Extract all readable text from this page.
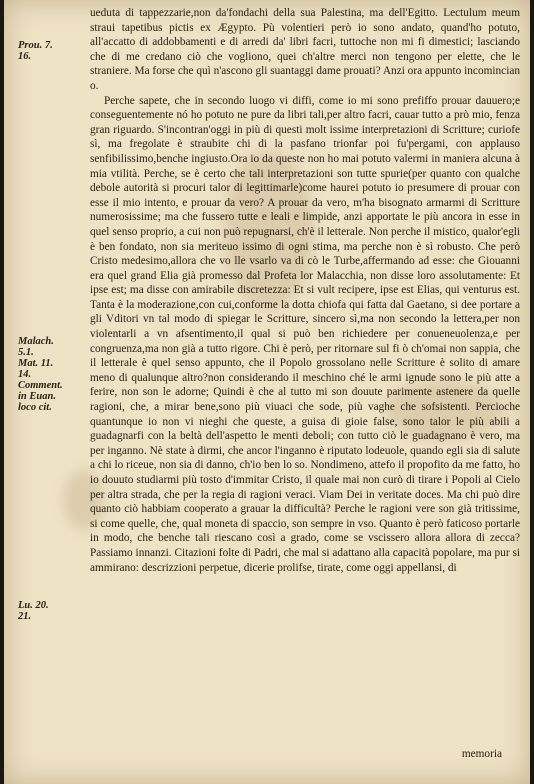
Prou. 7.
16.
Malach.
5.1.
Mat. 11.
14.
Comment.
in Euan.
loco cit.
Lu. 20.
21.

ueduta di tappezzarie,non da'fondachi della sua Palestina, ma dell'Egitto. Lectulum meum straui tapetibus pictis ex Ægypto. Pù volentieri però io sono andato, quand'ho potuto, all'accatto di addobbamenti e di arredi da' libri facri, tuttoche non mi fi dimestici; lasciando che di me credano ciò che vogliono, quei ch'altre merci non tengono per elette, che le straniere. Ma forse che quì n'ascono gli suantaggi dame prouati? Anzi ora appunto incomincian o.

Perche sapete, che in secondo luogo vi diffi, come io mi sono prefiffo prouar dauuero;e conseguentemente nó ho potuto ne pure da libri tali,per altro facri, cauar tutto a prò mio, fenza gran riguardo. S'incontran'oggi in più di questi molt issime interpretazioni di Scritture; curiofe sì, ma fregolate è straubite chi di la pasfano trionfar poi fu'pergami, con applauso senfibilissimo,benche ingiusto.Ora io da queste non ho mai potuto valermi in maniera alcuna à mia vtilità. Perche, se è certo che tali interpretazioni son tutte spurie(per quanto con qualche debole autorità si procuri talor di legittimarle)come haurei potuto io presumere di prouar con esse il mio intento, e prouar da vero? A prouar da vero, m'ha bisognato armarmi di Scritture numerosissime; ma che fussero tutte e leali e limpide, anzi apportate le più ancora in esse in quel senso proprio, a cui non può repugnarsi, ch'è il letterale. Non perche il mistico, qualor'egli è ben fondato, non sia meriteuo issimo di ogni stima, ma perche non è sì robusto. Che però Cristo medesimo,allora che vo lle vsarlo va di cò le Turbe,affermando ad esse: che Giouanni era quel grand Elia già promesso dal Profeta lor Malacchia, non disse loro assolutamente: Et ipse est; ma disse con amirabile discretezza: Et si vult recipere, ipse est Elias, qui venturus est. Tanta è la moderazione,con cui,conforme la dotta chiofa qui fatta dal Gaetano, si dee portare a gli Vditori vn tal modo di spiegar le Scritture, sincero sì,ma non secondo la lettera,per non violentarli a vn afsentimento,il qual si può ben richiedere per conueneuolenza,e per congruenza,ma non già a tutto rigore. Chi è però, per ritornare sul fi ò ch'omai non sappia, che il letterale è quel senso appunto, che il Popolo grossolano nelle Scritture è solito di amare meno di qualunque altro?non considerando il meschino ché le armi ignude sono le più atte a ferire, non son le adorne; Quindi è che al tutto mi son douute parimente astenere da quelle ragioni, che, a mirar bene,sono più viuaci che sode, più vaghe che sofsistenti. Percioche quantunque io non vi nieghi che queste, a guisa di gioie false, sono talor le più abili a guadagnarfi con la beltà dell'aspetto le menti deboli; con tutto ciò le guadagnano è vero, ma per inganno. Nè state à dirmi, che ancor l'inganno è riputato lodeuole, quando egli sia di salute a chi lo riceue, non sia di danno, ch'io ben lo so. Nondimeno, attefo il propofito da me fatto, ho io douuto studiarmi più tosto d'immitar Cristo, il quale mai non curò di tirare i Popoli al Cielo per altra strada, che per la regia di ragioni veraci. Viam Dei in veritate doces. Ma chi può dire quanto ciò habbiam cooperato a grauar la difficultà? Perche le ragioni vere son già tritissime, si come quelle, che, qual moneta di spaccio, son sempre in vso. Quanto è però faticoso portarle in modo, che benche tali riescano così a grado, come se vscissero allora allora di zecca? Passiamo innanzi. Citazioni folte di Padri, che mal si adattano alla capacità popolare, ma pur si ammirano: descrizzioni perpetue, dicerie prolifse, tirate, come oggi appellansi, di

memoria
